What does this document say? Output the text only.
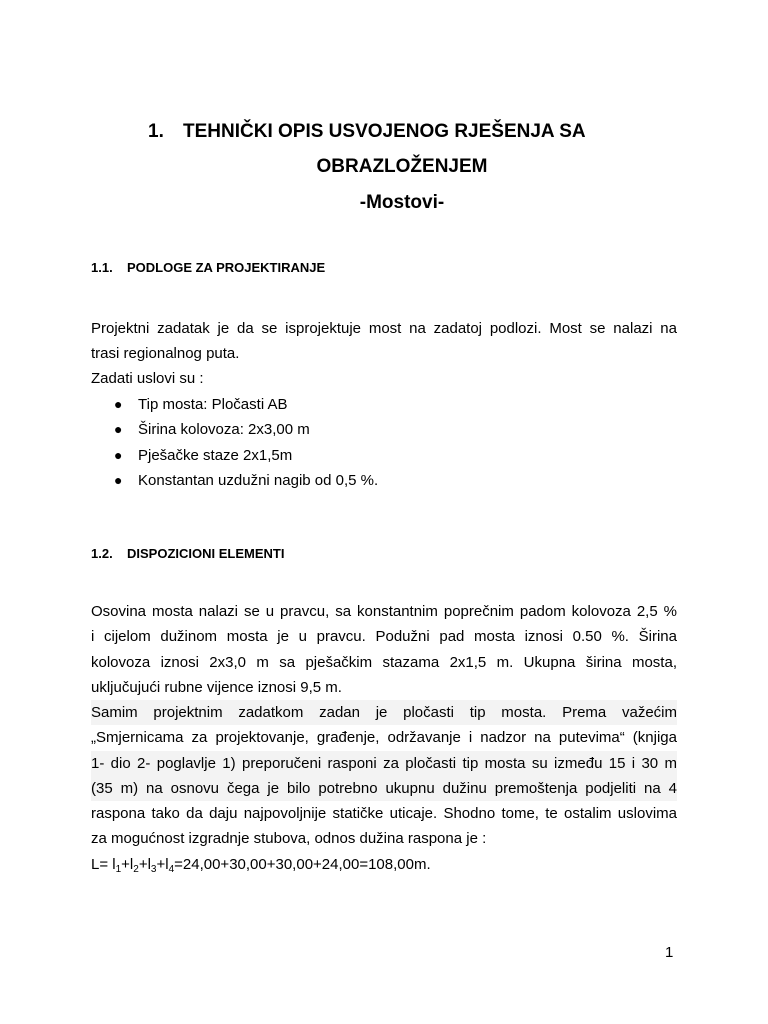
1. TEHNIČKI OPIS USVOJENOG RJEŠENJA SA
OBRAZLOŽENJEM
-Mostovi-
1.1. PODLOGE ZA PROJEKTIRANJE
Projektni zadatak je da se isprojektuje most na zadatoj podlozi. Most se nalazi na
trasi regionalnog puta.
Zadati uslovi su :
● Tip mosta: Pločasti AB
● Širina kolovoza: 2x3,00 m
● Pješačke staze 2x1,5m
● Konstantan uzdužni nagib od 0,5 %.
1.2. DISPOZICIONI ELEMENTI
Osovina mosta nalazi se u pravcu, sa konstantnim poprečnim padom kolovoza 2,5 %
i cijelom dužinom mosta je u pravcu. Podužni pad mosta iznosi 0.50 %. Širina
kolovoza iznosi 2x3,0 m sa pješačkim stazama 2x1,5 m. Ukupna širina mosta,
uključujući rubne vijence iznosi 9,5 m.
Samim projektnim zadatkom zadan je pločasti tip mosta. Prema važećim
„Smjernicama za projektovanje, građenje, održavanje i nadzor na putevima“ (knjiga
1- dio 2- poglavlje 1) preporučeni rasponi za pločasti tip mosta su između 15 i 30 m
(35 m) na osnovu čega je bilo potrebno ukupnu dužinu premoštenja podjeliti na 4
raspona tako da daju najpovoljnije statičke uticaje. Shodno tome, te ostalim uslovima
za mogućnost izgradnje stubova, odnos dužina raspona je :
$L= l_1+l_2+l_3+l_4=24,00+30,00+30,00+24,00=108,00m$.
1
